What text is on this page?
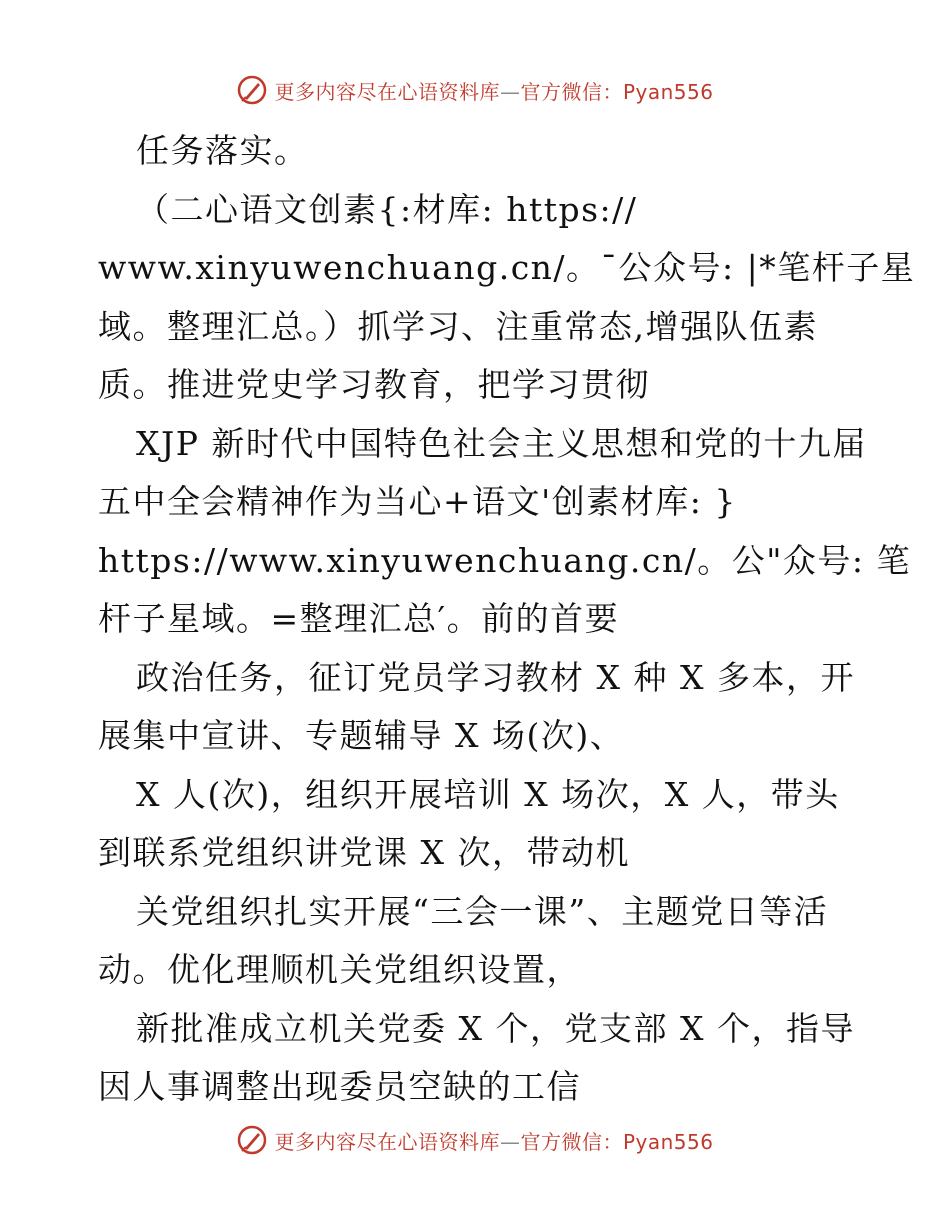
更多内容尽在心语资料库—官方微信：Pyan556
任务落实。
（二心语文创素{:材库: https://
www.xinyuwenchuang.cn/。¯公众号: |*笔杆子星
域。整理汇总。）抓学习、注重常态,增强队伍素
质。推进党史学习教育，把学习贯彻
XJP 新时代中国特色社会主义思想和党的十九届
五中全会精神作为当心+语文'创素材库: }
https://www.xinyuwenchuang.cn/。公"众号: 笔
杆子星域。=整理汇总′。前的首要
政治任务，征订党员学习教材 X 种 X 多本，开
展集中宣讲、专题辅导 X 场(次)、
X 人(次)，组织开展培训 X 场次，X 人，带头
到联系党组织讲党课 X 次，带动机
关党组织扎实开展“三会一课”、主题党日等活
动。优化理顺机关党组织设置，
新批准成立机关党委 X 个，党支部 X 个，指导
因人事调整出现委员空缺的工信
更多内容尽在心语资料库—官方微信：Pyan556
